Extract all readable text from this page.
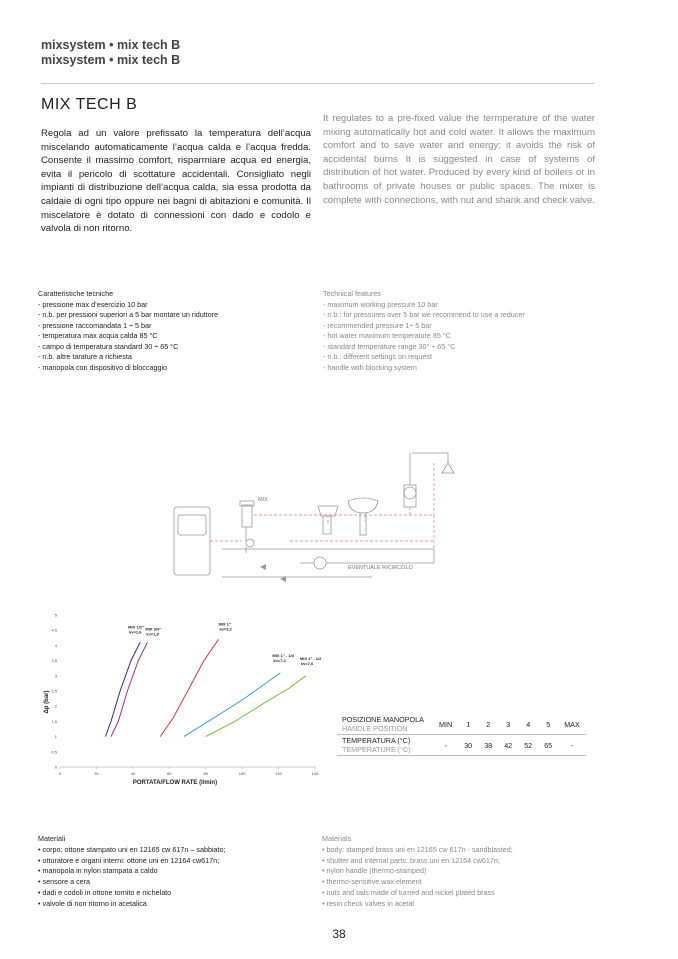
mixsystem • mix tech B
mixsystem • mix tech B
MIX TECH B
Regola ad un valore prefissato la temperatura dell’acqua miscelando automaticamente l’acqua calda e l’acqua fredda. Consente il massimo comfort, risparmiare acqua ed energia, evita il pericolo di scottature accidentali. Consigliato negli impianti di distribuzione dell’acqua calda, sia essa prodotta da caldaie di ogni tipo oppure nei bagni di abitazioni e comunità. Il miscelatore è dotato di connessioni con dado e codolo e valvola di non ritorno.
It regulates to a pre-fixed value the termperature of the water mixing automatically hot and cold water. It allows the maximum comfort and to save water and energy; it avoids the risk of accidental burns It is suggested in case of systems of distribution of hot water. Produced by every kind of boilers or in bathrooms of private houses or public spaces. The mixer is complete with connections, with nut and shank and check valve.
Caratteristiche tecniche
- pressione max d’esercizio 10 bar
- n.b. per pressioni superiori a 5 bar montare un riduttore
- pressione raccomandata 1 ÷ 5 bar
- temperatura max acqua calda 85 °C
- campo di temperatura standard 30 ÷ 65 °C
- n.b. altre tarature a richiesta
- manopola con dispositivo di bloccaggio
Technical features
- maximum working pressure 10 bar
- n.b.: for pressures over 5 bar we recommend to use a reducer
- recommended pressure 1÷ 5 bar
- hot water maximum temperature 85 °C
- standard temperature range 30° ÷ 65 °C
- n.b.: different settings on request
- handle with blocking system
MIX
EVENTUALE RICIRCOLO
Δp (bar)
PORTATA/FLOW RATE (l/min)
0	20	40	60	80	100	120	140
0
0.5
1
1.5
2
2.5
3
3.5
4
4.5
5
MIX 1/2"
kv=1,6
MIX 3/4"
kv=1,8
MIX 1"
kv=3,2
MIX 1" - 1/4
kv=7,4	MIX 1" - 1/2
kv=7,6
POSIZIONE MANOPOLA
HANDLE POSITION	MIN	1	2	3	4	5	MAX

TEMPERATURA (°C)
TEMPERATURE (°C)	-	30	38	42	52	65	-
Materiali
• corpo: ottone stampato uni en 12165 cw 617n – sabbiato;
• otturatore e organi interni: ottone uni en 12164 cw617n;
• manopola in nylon stampata a caldo
• sensore a cera
• dadi e codoli in ottone tornito e nichelato
• valvole di non ritorno in acetalica
Materials
• body: stamped brass uni en 12165 cw 617n - sandblasted;
• shutter and internal parts: brass uni en 12164 cw617n;
• nylon handle (thermo-stamped)
• thermo-sensitive wax element
• nuts and tails made of turned and nickel plated brass
• resin check valves in acetal
38
